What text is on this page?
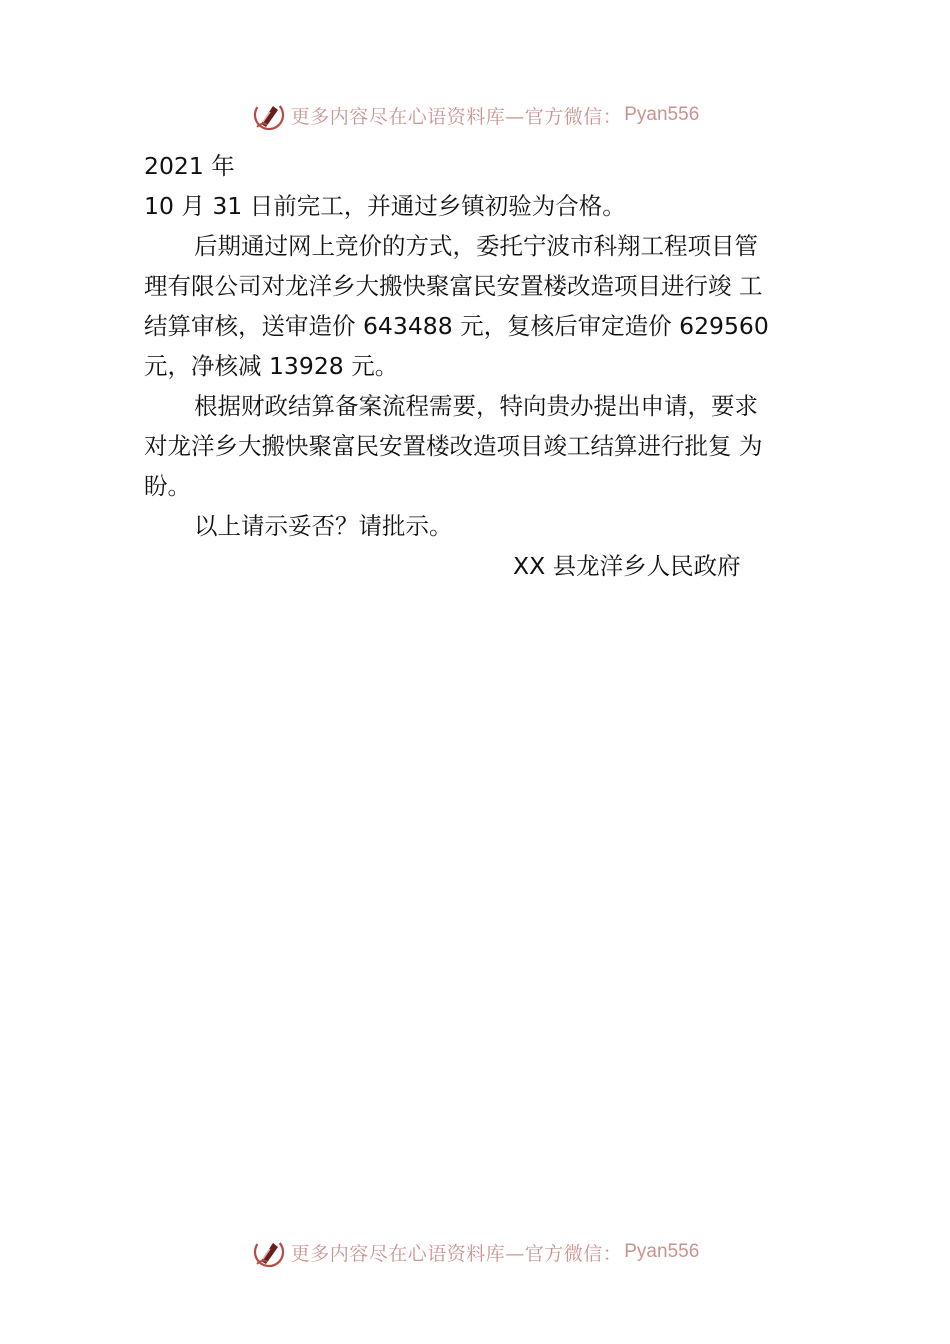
更多内容尽在心语资料库—官方微信： Pyan556
2021 年
10 月 31 日前完工，并通过乡镇初验为合格。
后期通过网上竞价的方式，委托宁波市科翔工程项目管
理有限公司对龙洋乡大搬快聚富民安置楼改造项目进行竣 工
结算审核，送审造价 643488 元，复核后审定造价 629560
元，净核减 13928 元。
根据财政结算备案流程需要，特向贵办提出申请，要求
对龙洋乡大搬快聚富民安置楼改造项目竣工结算进行批复 为
盼。
以上请示妥否？请批示。
XX 县龙洋乡人民政府
更多内容尽在心语资料库—官方微信： Pyan556
